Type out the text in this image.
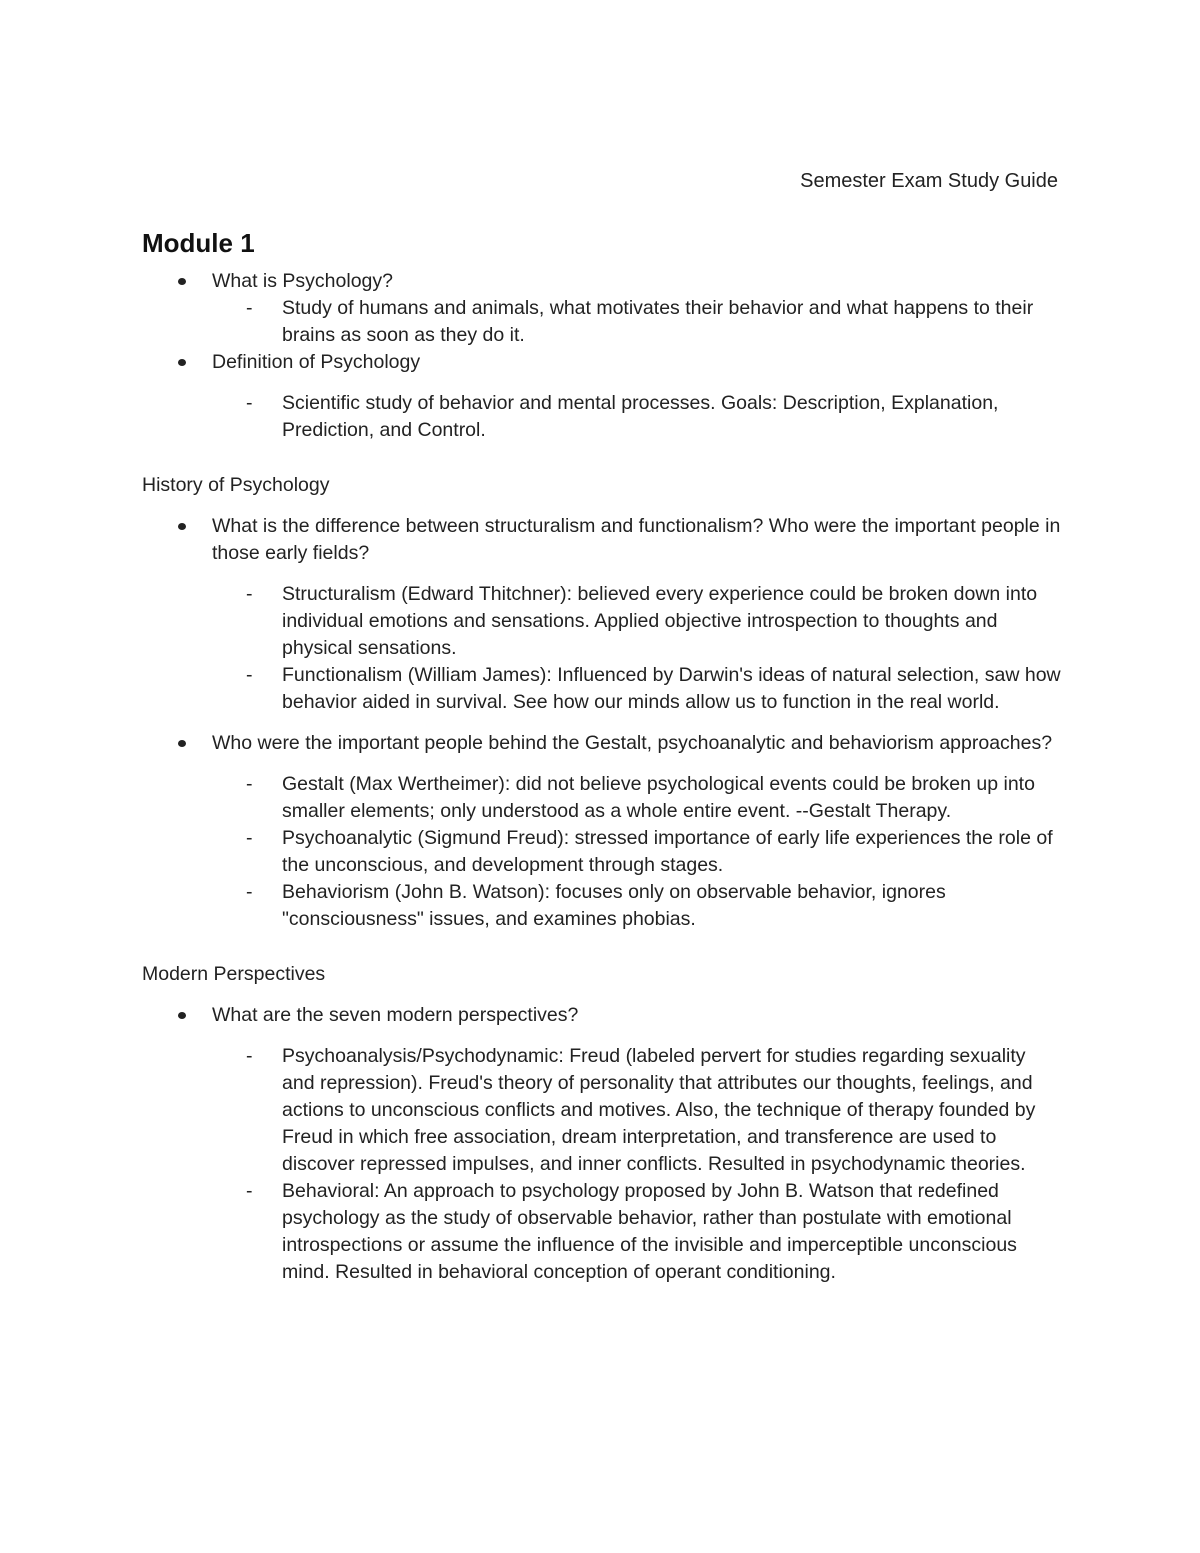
Semester Exam Study Guide
Module 1
What is Psychology?
- Study of humans and animals, what motivates their behavior and what happens to their brains as soon as they do it.
Definition of Psychology
- Scientific study of behavior and mental processes. Goals: Description, Explanation, Prediction, and Control.
History of Psychology
What is the difference between structuralism and functionalism? Who were the important people in those early fields?
- Structuralism (Edward Thitchner): believed every experience could be broken down into individual emotions and sensations. Applied objective introspection to thoughts and physical sensations.
- Functionalism (William James): Influenced by Darwin's ideas of natural selection, saw how behavior aided in survival. See how our minds allow us to function in the real world.
Who were the important people behind the Gestalt, psychoanalytic and behaviorism approaches?
- Gestalt (Max Wertheimer): did not believe psychological events could be broken up into smaller elements; only understood as a whole entire event. --Gestalt Therapy.
- Psychoanalytic (Sigmund Freud): stressed importance of early life experiences the role of the unconscious, and development through stages.
- Behaviorism (John B. Watson): focuses only on observable behavior, ignores "consciousness" issues, and examines phobias.
Modern Perspectives
What are the seven modern perspectives?
- Psychoanalysis/Psychodynamic: Freud (labeled pervert for studies regarding sexuality and repression). Freud's theory of personality that attributes our thoughts, feelings, and actions to unconscious conflicts and motives. Also, the technique of therapy founded by Freud in which free association, dream interpretation, and transference are used to discover repressed impulses, and inner conflicts. Resulted in psychodynamic theories.
- Behavioral: An approach to psychology proposed by John B. Watson that redefined psychology as the study of observable behavior, rather than postulate with emotional introspections or assume the influence of the invisible and imperceptible unconscious mind. Resulted in behavioral conception of operant conditioning.
